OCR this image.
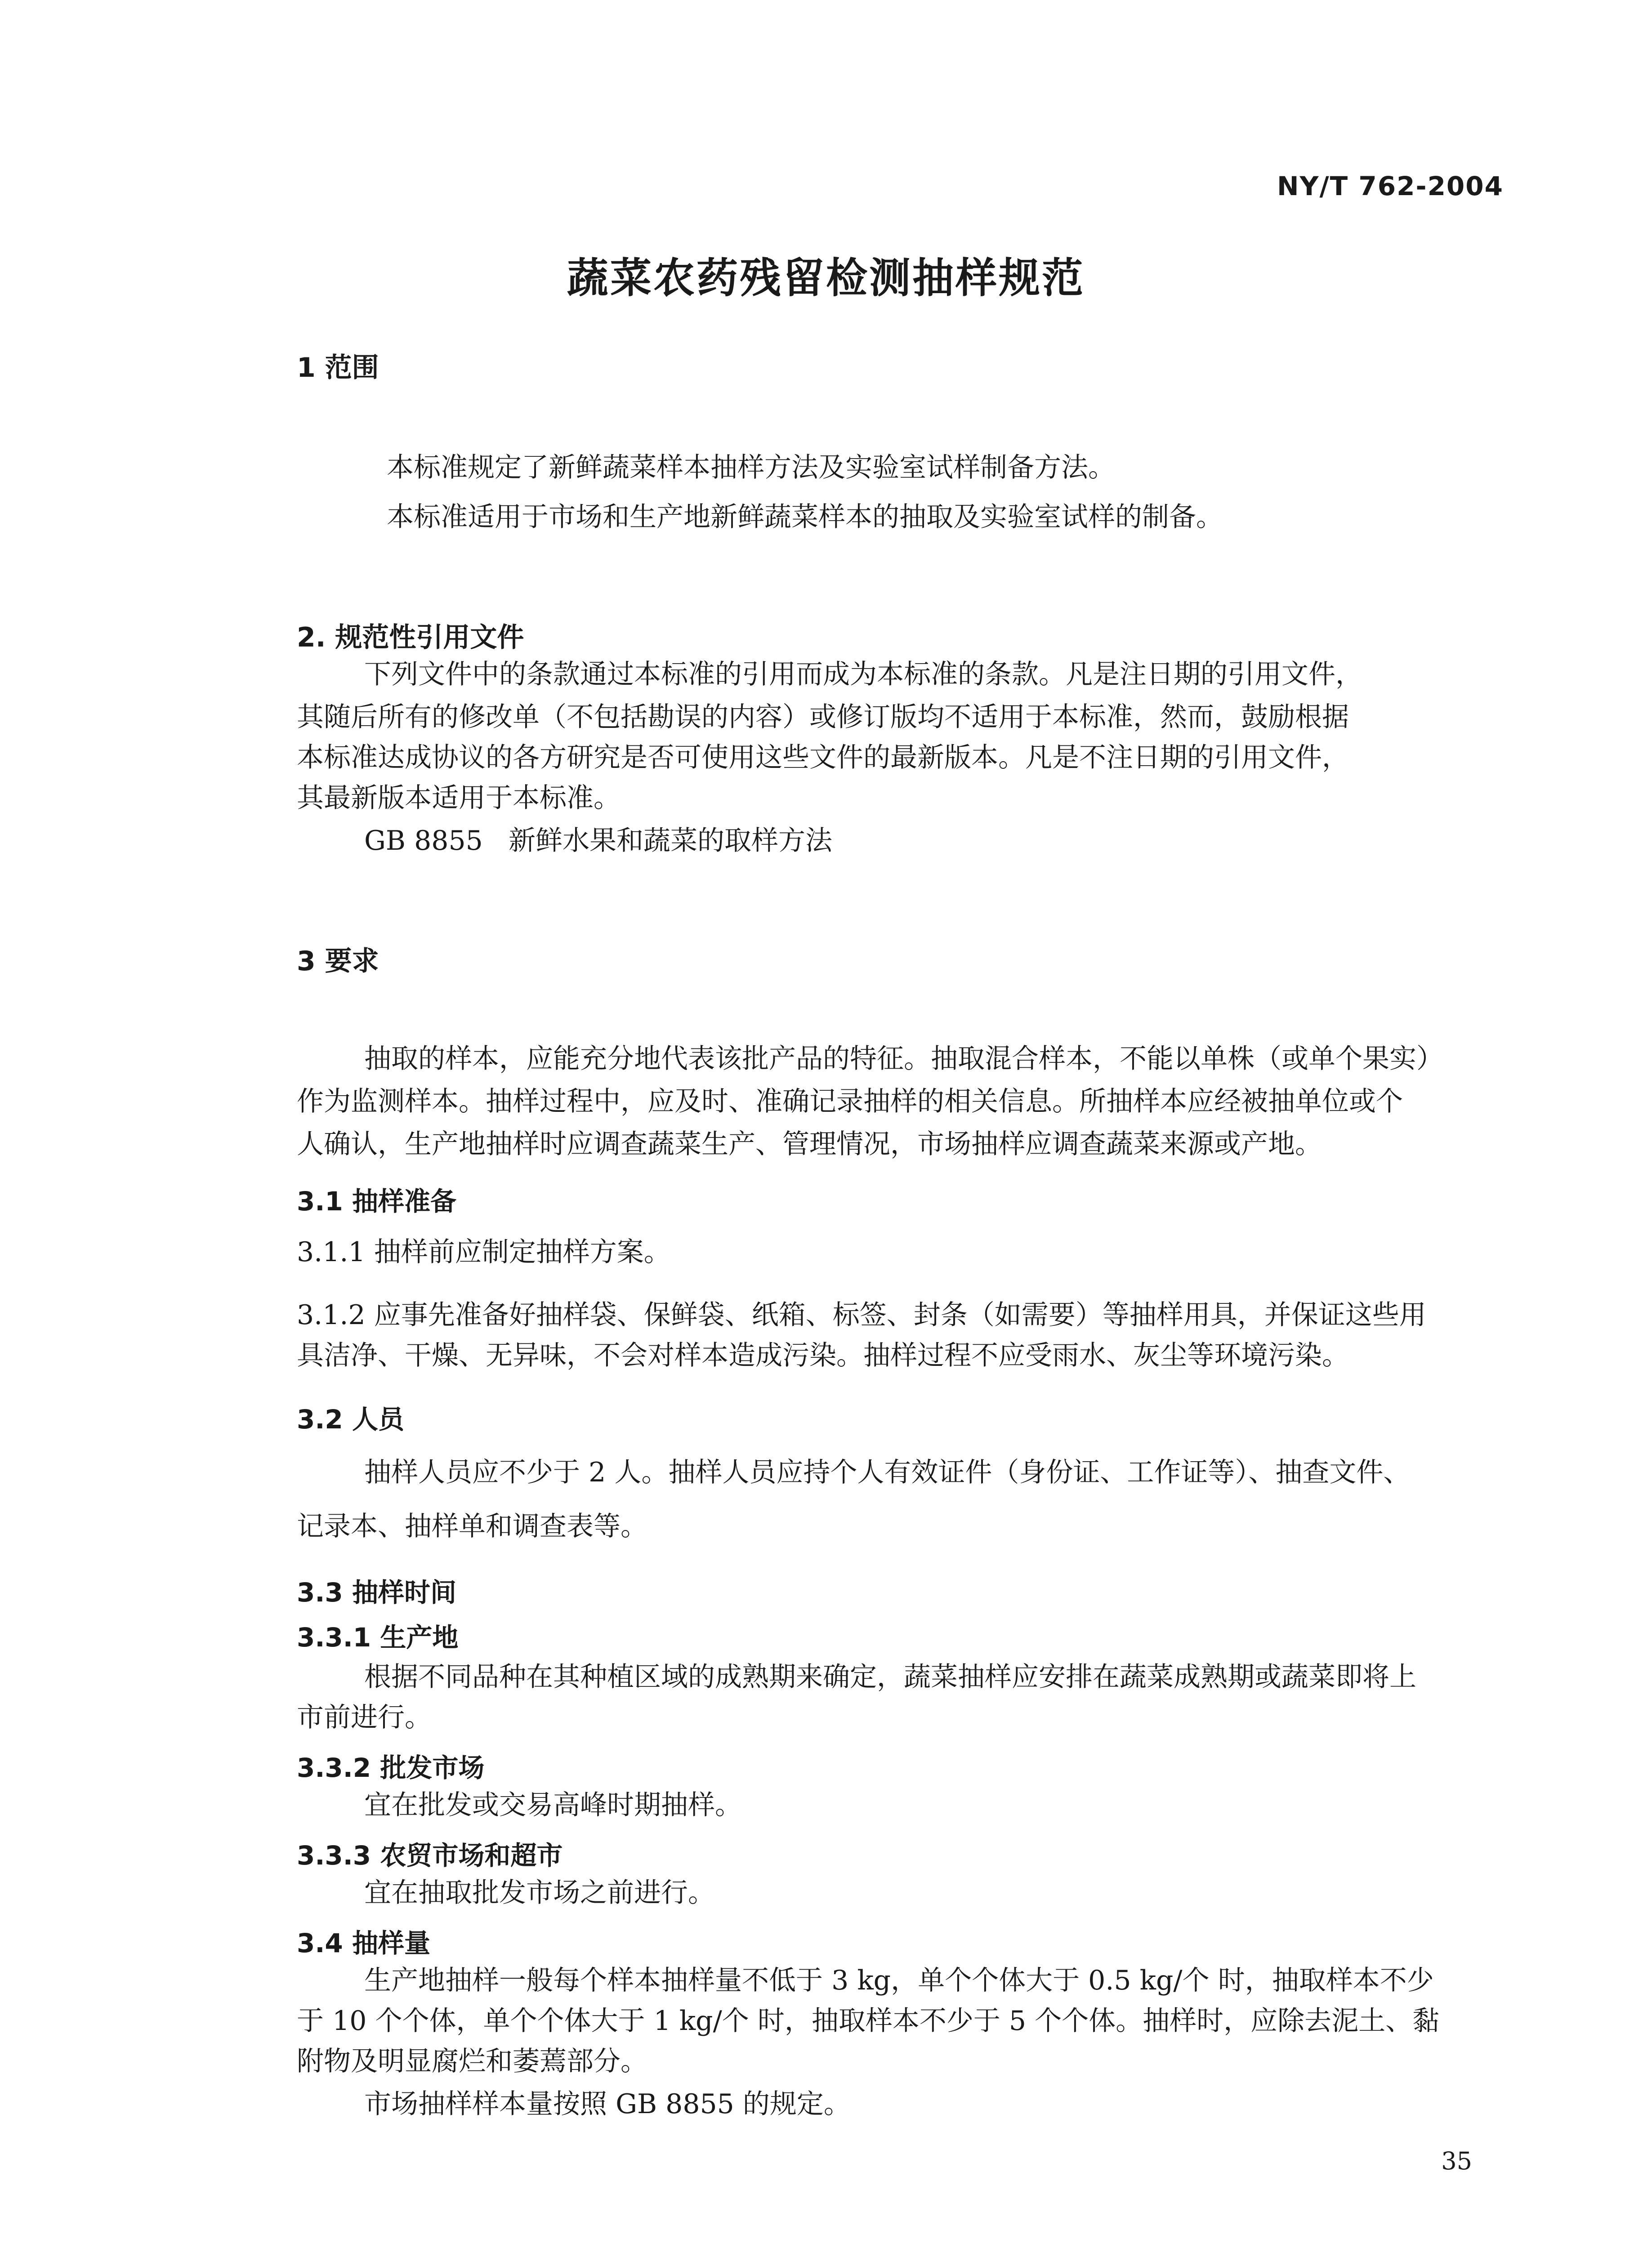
NY/T 762-2004
蔬菜农药残留检测抽样规范
1 范围
本标准规定了新鲜蔬菜样本抽样方法及实验室试样制备方法。
本标准适用于市场和生产地新鲜蔬菜样本的抽取及实验室试样的制备。
2. 规范性引用文件
下列文件中的条款通过本标准的引用而成为本标准的条款。凡是注日期的引用文件，
其随后所有的修改单（不包括勘误的内容）或修订版均不适用于本标准，然而，鼓励根据
本标准达成协议的各方研究是否可使用这些文件的最新版本。凡是不注日期的引用文件，
其最新版本适用于本标准。
GB 8855   新鲜水果和蔬菜的取样方法
3 要求
抽取的样本，应能充分地代表该批产品的特征。抽取混合样本，不能以单株（或单个果实）
作为监测样本。抽样过程中，应及时、准确记录抽样的相关信息。所抽样本应经被抽单位或个
人确认，生产地抽样时应调查蔬菜生产、管理情况，市场抽样应调查蔬菜来源或产地。
3.1 抽样准备
3.1.1 抽样前应制定抽样方案。
3.1.2 应事先准备好抽样袋、保鲜袋、纸箱、标签、封条（如需要）等抽样用具，并保证这些用
具洁净、干燥、无异味，不会对样本造成污染。抽样过程不应受雨水、灰尘等环境污染。
3.2 人员
抽样人员应不少于 2 人。抽样人员应持个人有效证件（身份证、工作证等）、抽查文件、
记录本、抽样单和调查表等。
3.3 抽样时间
3.3.1 生产地
根据不同品种在其种植区域的成熟期来确定，蔬菜抽样应安排在蔬菜成熟期或蔬菜即将上
市前进行。
3.3.2 批发市场
宜在批发或交易高峰时期抽样。
3.3.3 农贸市场和超市
宜在抽取批发市场之前进行。
3.4 抽样量
生产地抽样一般每个样本抽样量不低于 3 kg，单个个体大于 0.5 kg/个 时，抽取样本不少
于 10 个个体，单个个体大于 1 kg/个 时，抽取样本不少于 5 个个体。抽样时，应除去泥土、黏
附物及明显腐烂和萎蔫部分。
市场抽样样本量按照 GB 8855 的规定。
35
